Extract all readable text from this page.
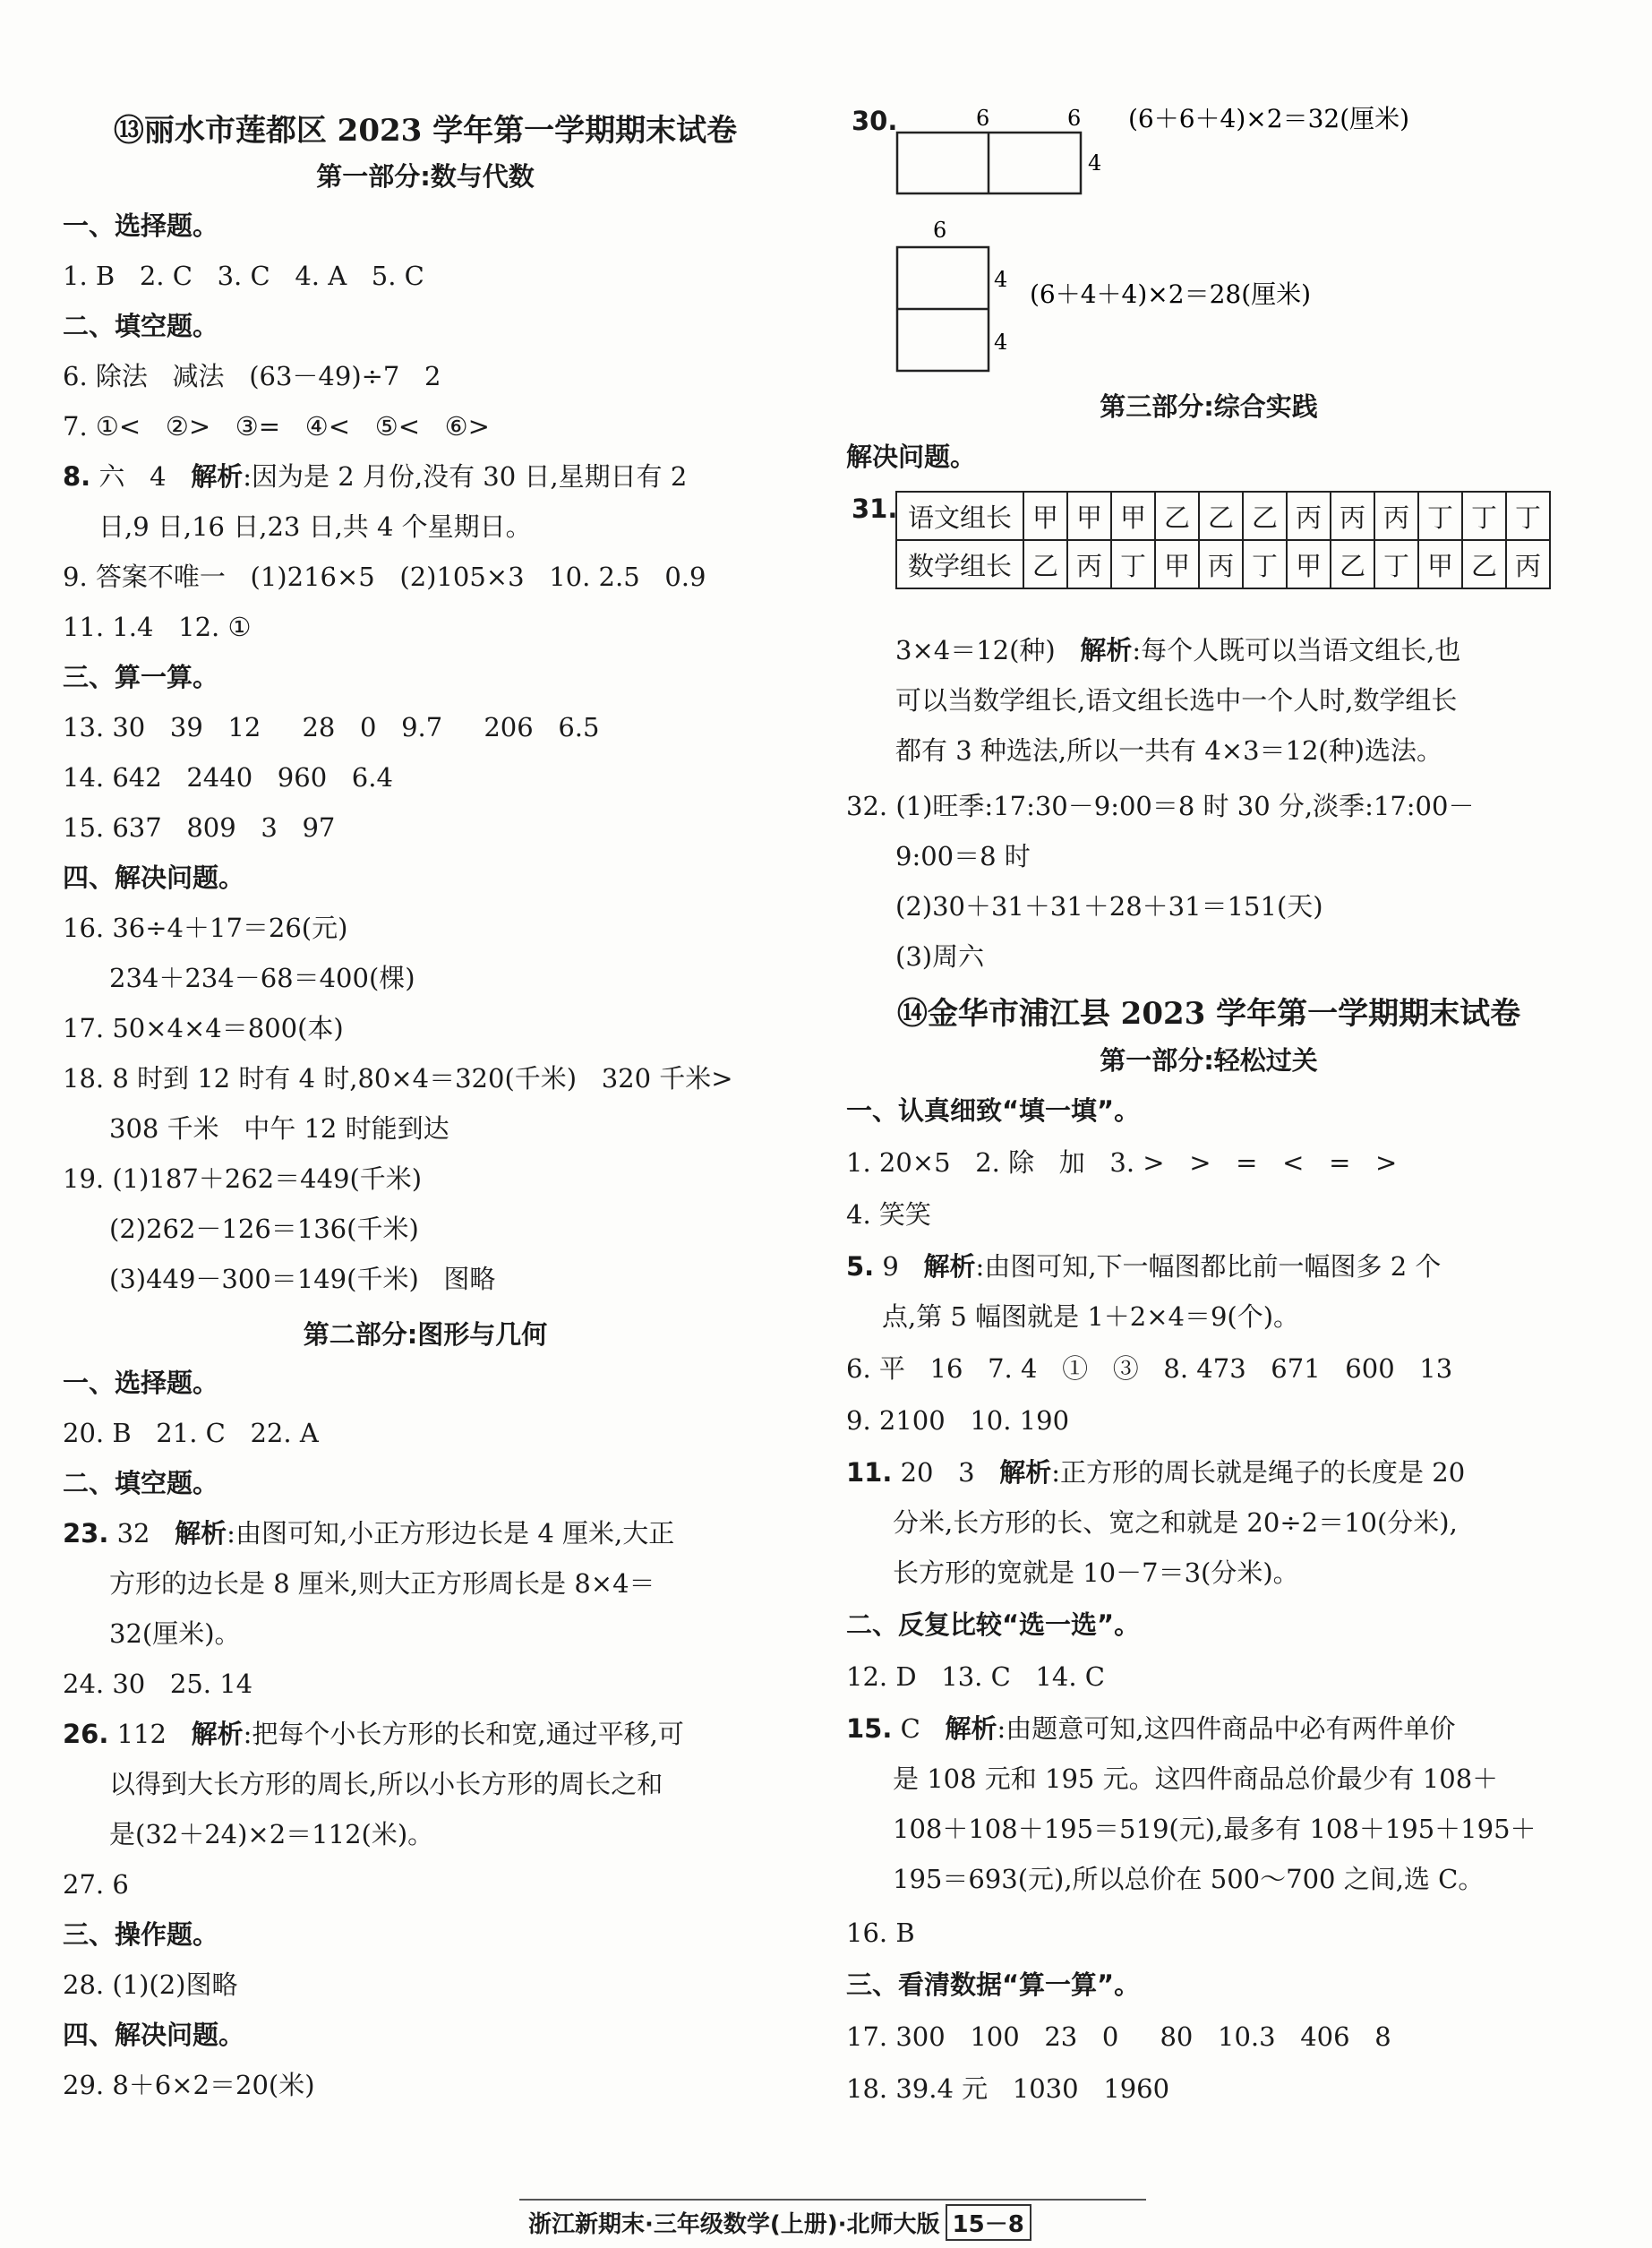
⑬丽水市莲都区 2023 学年第一学期期末试卷
第一部分:数与代数
一、选择题。
1. B   2. C   3. C   4. A   5. C
二、填空题。
6. 除法   减法   (63－49)÷7   2
7. ①<   ②>   ③=   ④<   ⑤<   ⑥>
8. 六   4   解析:因为是 2 月份,没有 30 日,星期日有 2
日,9 日,16 日,23 日,共 4 个星期日。
9. 答案不唯一   (1)216×5   (2)105×3   10. 2.5   0.9
11. 1.4   12. ①
三、算一算。
13. 30   39   12     28   0   9.7     206   6.5
14. 642   2440   960   6.4
15. 637   809   3   97
四、解决问题。
16. 36÷4＋17＝26(元)
234＋234－68＝400(棵)
17. 50×4×4＝800(本)
18. 8 时到 12 时有 4 时,80×4＝320(千米)   320 千米>
308 千米   中午 12 时能到达
19. (1)187＋262＝449(千米)
(2)262－126＝136(千米)
(3)449－300＝149(千米)   图略
第二部分:图形与几何
一、选择题。
20. B   21. C   22. A
二、填空题。
23. 32   解析:由图可知,小正方形边长是 4 厘米,大正
方形的边长是 8 厘米,则大正方形周长是 8×4＝
32(厘米)。
24. 30   25. 14
26. 112   解析:把每个小长方形的长和宽,通过平移,可
以得到大长方形的周长,所以小长方形的周长之和
是(32＋24)×2＝112(米)。
27. 6
三、操作题。
28. (1)(2)图略
四、解决问题。
29. 8＋6×2＝20(米)
30.	6	6
4
(6＋6＋4)×2＝32(厘米)
6
4
4
(6＋4＋4)×2＝28(厘米)
第三部分:综合实践
解决问题。
31. 语文组长	甲	甲	甲	乙	乙	乙	丙	丙	丙	丁	丁	丁
数学组长	乙	丙	丁	甲	丙	丁	甲	乙	丁	甲	乙	丙
3×4＝12(种)   解析:每个人既可以当语文组长,也
可以当数学组长,语文组长选中一个人时,数学组长
都有 3 种选法,所以一共有 4×3＝12(种)选法。
32. (1)旺季:17:30－9:00＝8 时 30 分,淡季:17:00－
9:00＝8 时
(2)30＋31＋31＋28＋31＝151(天)
(3)周六
⑭金华市浦江县 2023 学年第一学期期末试卷
第一部分:轻松过关
一、认真细致“填一填”。
1. 20×5   2. 除   加   3. >   >   =   <   =   >
4. 笑笑
5. 9   解析:由图可知,下一幅图都比前一幅图多 2 个
点,第 5 幅图就是 1＋2×4＝9(个)。
6. 平   16   7. 4   ①   ③   8. 473   671   600   13
9. 2100   10. 190
11. 20   3   解析:正方形的周长就是绳子的长度是 20
分米,长方形的长、宽之和就是 20÷2＝10(分米),
长方形的宽就是 10－7＝3(分米)。
二、反复比较“选一选”。
12. D   13. C   14. C
15. C   解析:由题意可知,这四件商品中必有两件单价
是 108 元和 195 元。这四件商品总价最少有 108＋
108＋108＋195＝519(元),最多有 108＋195＋195＋
195＝693(元),所以总价在 500～700 之间,选 C。
16. B
三、看清数据“算一算”。
17. 300   100   23   0     80   10.3   406   8
18. 39.4 元   1030   1960
浙江新期末·三年级数学(上册)·北师大版 15－8
